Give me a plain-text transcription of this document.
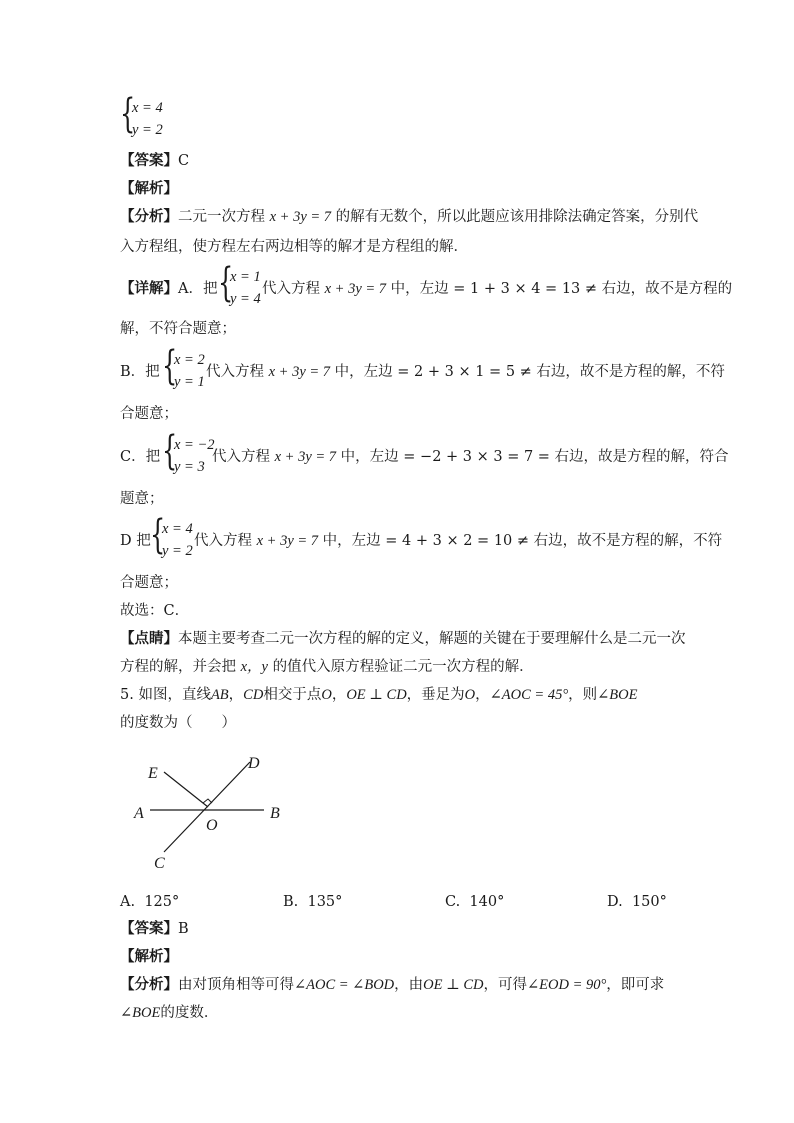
{
x = 4
y = 2
【答案】C
【解析】
【分析】二元一次方程 x + 3y = 7 的解有无数个，所以此题应该用排除法确定答案，分别代
入方程组，使方程左右两边相等的解才是方程组的解．
【详解】A．把 {
x = 1
y = 4
代入方程 x + 3y = 7 中，左边 = 1 + 3 × 4 = 13 ≠ 右边，故不是方程的
解，不符合题意；
B．把 {
x = 2
y = 1
代入方程 x + 3y = 7 中，左边 = 2 + 3 × 1 = 5 ≠ 右边，故不是方程的解，不符
合题意；
C．把 {
x = −2
y = 3
代入方程 x + 3y = 7 中，左边 = −2 + 3 × 3 = 7 = 右边，故是方程的解，符合
题意；
D 把 {
x = 4
y = 2
代入方程 x + 3y = 7 中，左边 = 4 + 3 × 2 = 10 ≠ 右边，故不是方程的解，不符
合题意；
故选：C．
【点睛】本题主要考查二元一次方程的解的定义，解题的关键在于要理解什么是二元一次
方程的解，并会把 x，y 的值代入原方程验证二元一次方程的解．
5. 如图，直线AB，CD相交于点O，OE ⊥ CD，垂足为O，∠AOC = 45°，则∠BOE
的度数为（　　）
E
D
A
O
B
C
A. 125°	B. 135°	C. 140°	D. 150°
【答案】B
【解析】
【分析】由对顶角相等可得∠AOC = ∠BOD，由OE ⊥ CD，可得∠EOD = 90°，即可求
∠BOE的度数．
